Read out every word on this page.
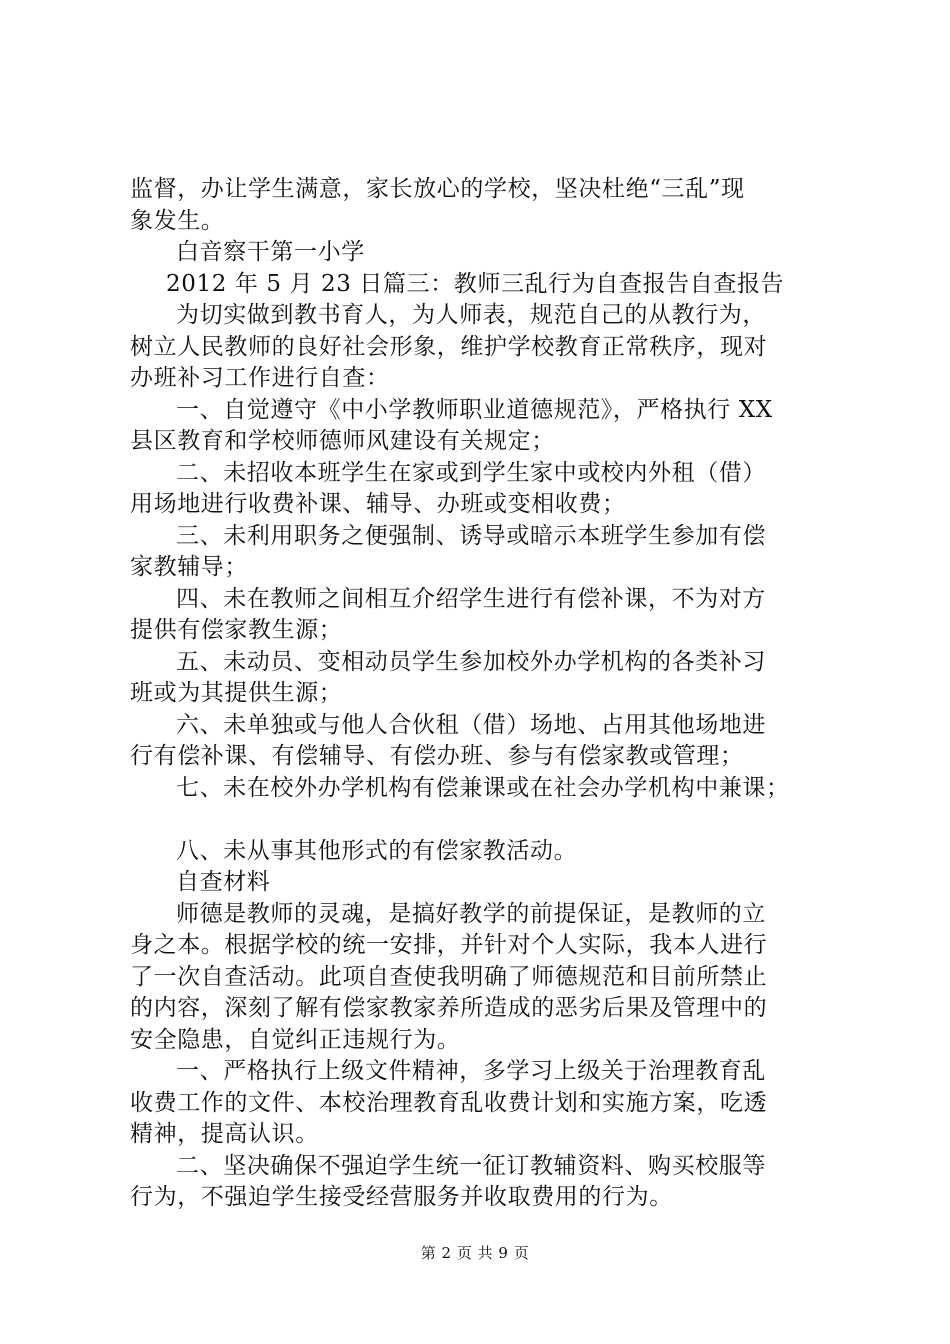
监督，办让学生满意，家长放心的学校，坚决杜绝“三乱”现
象发生。
白音察干第一小学
2012 年 5 月 23 日篇三：教师三乱行为自查报告自查报告
为切实做到教书育人，为人师表，规范自己的从教行为，
树立人民教师的良好社会形象，维护学校教育正常秩序，现对
办班补习工作进行自查：
一、自觉遵守《中小学教师职业道德规范》，严格执行 XX
县区教育和学校师德师风建设有关规定；
二、未招收本班学生在家或到学生家中或校内外租（借）
用场地进行收费补课、辅导、办班或变相收费；
三、未利用职务之便强制、诱导或暗示本班学生参加有偿
家教辅导；
四、未在教师之间相互介绍学生进行有偿补课，不为对方
提供有偿家教生源；
五、未动员、变相动员学生参加校外办学机构的各类补习
班或为其提供生源；
六、未单独或与他人合伙租（借）场地、占用其他场地进
行有偿补课、有偿辅导、有偿办班、参与有偿家教或管理；
七、未在校外办学机构有偿兼课或在社会办学机构中兼课；
八、未从事其他形式的有偿家教活动。
自查材料
师德是教师的灵魂，是搞好教学的前提保证，是教师的立
身之本。根据学校的统一安排，并针对个人实际，我本人进行
了一次自查活动。此项自查使我明确了师德规范和目前所禁止
的内容，深刻了解有偿家教家养所造成的恶劣后果及管理中的
安全隐患，自觉纠正违规行为。
一、严格执行上级文件精神，多学习上级关于治理教育乱
收费工作的文件、本校治理教育乱收费计划和实施方案，吃透
精神，提高认识。
二、坚决确保不强迫学生统一征订教辅资料、购买校服等
行为，不强迫学生接受经营服务并收取费用的行为。
第 2 页 共 9 页
